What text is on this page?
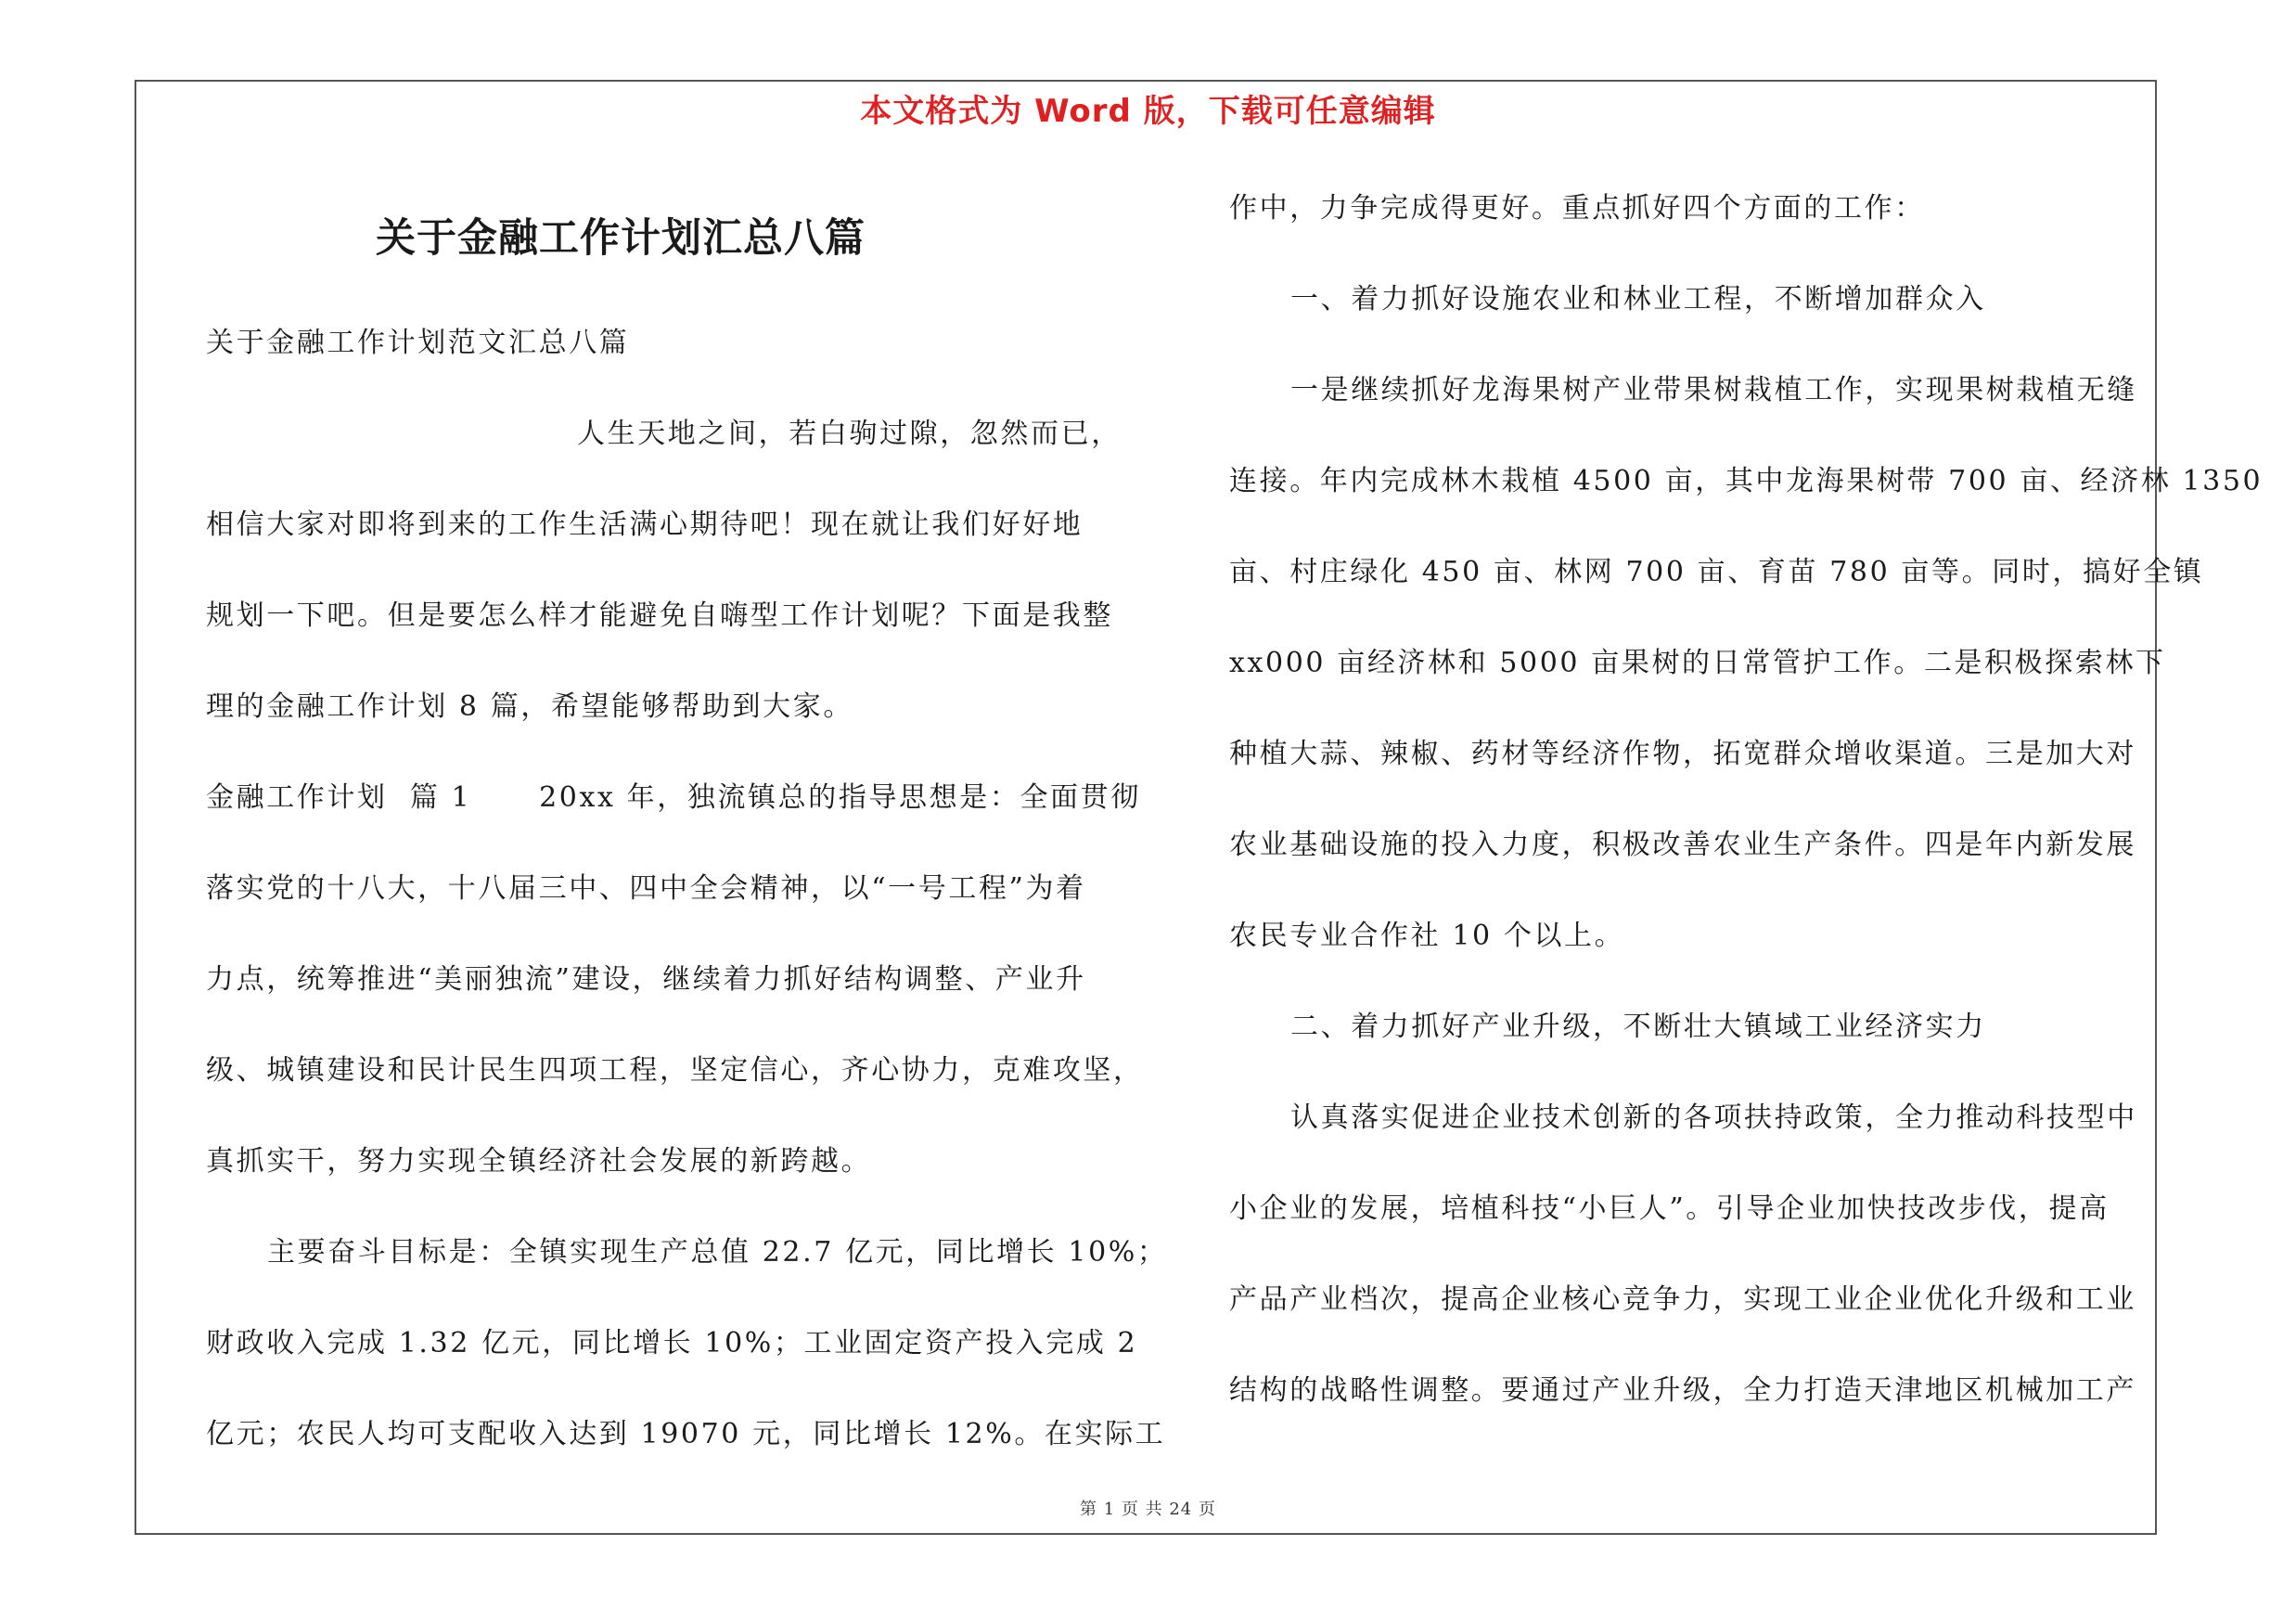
本文格式为 Word 版，下载可任意编辑
关于金融工作计划汇总八篇
关于金融工作计划范文汇总八篇
人生天地之间，若白驹过隙，忽然而已，
相信大家对即将到来的工作生活满心期待吧！现在就让我们好好地
规划一下吧。但是要怎么样才能避免自嗨型工作计划呢？下面是我整
理的金融工作计划 8 篇，希望能够帮助到大家。
金融工作计划  篇 1      20xx 年，独流镇总的指导思想是：全面贯彻
落实党的十八大，十八届三中、四中全会精神，以“一号工程”为着
力点，统筹推进“美丽独流”建设，继续着力抓好结构调整、产业升
级、城镇建设和民计民生四项工程，坚定信心，齐心协力，克难攻坚，
真抓实干，努力实现全镇经济社会发展的新跨越。
主要奋斗目标是：全镇实现生产总值 22.7 亿元，同比增长 10%；
财政收入完成 1.32 亿元，同比增长 10%；工业固定资产投入完成 2
亿元；农民人均可支配收入达到 19070 元，同比增长 12%。在实际工
作中，力争完成得更好。重点抓好四个方面的工作：
一、着力抓好设施农业和林业工程，不断增加群众入
一是继续抓好龙海果树产业带果树栽植工作，实现果树栽植无缝
连接。年内完成林木栽植 4500 亩，其中龙海果树带 700 亩、经济林 1350
亩、村庄绿化 450 亩、林网 700 亩、育苗 780 亩等。同时，搞好全镇
xx000 亩经济林和 5000 亩果树的日常管护工作。二是积极探索林下
种植大蒜、辣椒、药材等经济作物，拓宽群众增收渠道。三是加大对
农业基础设施的投入力度，积极改善农业生产条件。四是年内新发展
农民专业合作社 10 个以上。
二、着力抓好产业升级，不断壮大镇域工业经济实力
认真落实促进企业技术创新的各项扶持政策，全力推动科技型中
小企业的发展，培植科技“小巨人”。引导企业加快技改步伐，提高
产品产业档次，提高企业核心竞争力，实现工业企业优化升级和工业
结构的战略性调整。要通过产业升级，全力打造天津地区机械加工产
第 1 页 共 24 页
